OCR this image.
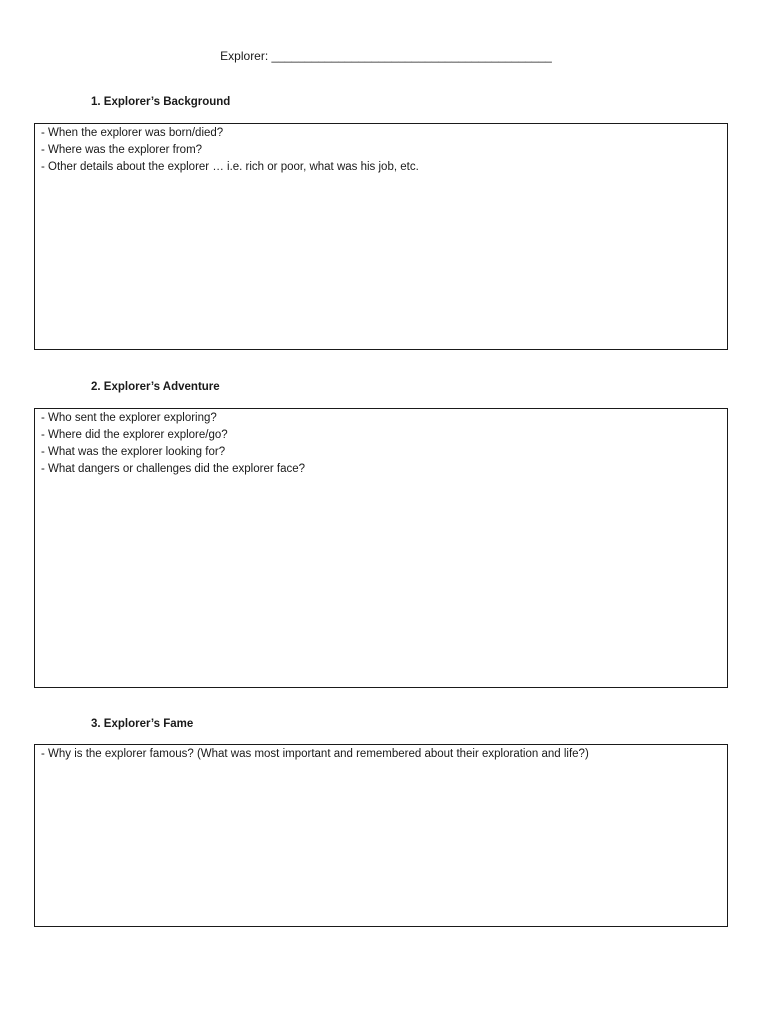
Explorer: __________________________________________
1. Explorer’s Background
- When the explorer was born/died?
- Where was the explorer from?
- Other details about the explorer … i.e. rich or poor, what was his job, etc.
2. Explorer’s Adventure
- Who sent the explorer exploring?
- Where did the explorer explore/go?
- What was the explorer looking for?
- What dangers or challenges did the explorer face?
3. Explorer’s Fame
- Why is the explorer famous? (What was most important and remembered about their exploration and life?)
